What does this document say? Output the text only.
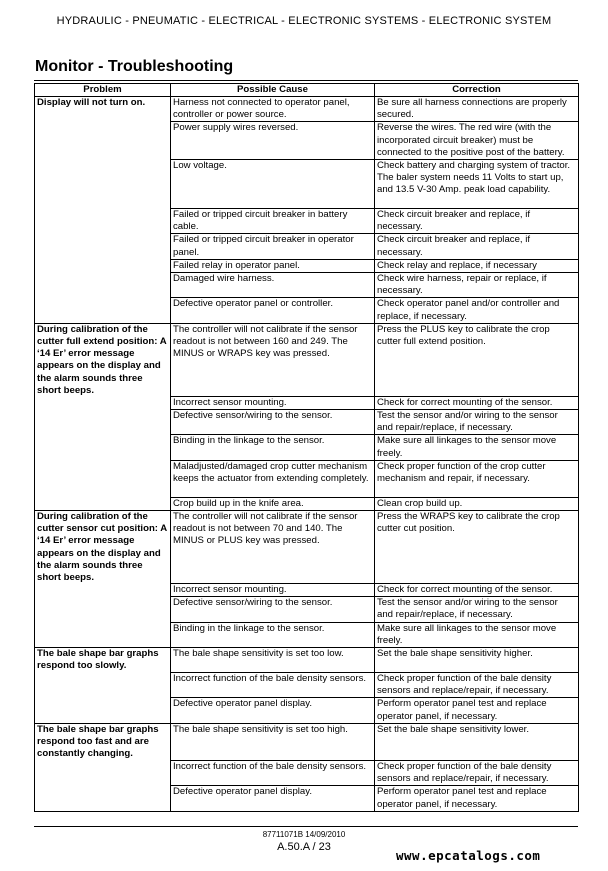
HYDRAULIC - PNEUMATIC - ELECTRICAL - ELECTRONIC SYSTEMS - ELECTRONIC SYSTEM
Monitor - Troubleshooting
Problem	Possible Cause	Correction
Display will not turn on.	Harness not connected to operator panel, controller or power source.	Be sure all harness connections are properly secured.
	Power supply wires reversed.	Reverse the wires. The red wire (with the incorporated circuit breaker) must be connected to the positive post of the battery.
	Low voltage.	Check battery and charging system of tractor. The baler system needs 11 Volts to start up, and 13.5 V-30 Amp. peak load capability.
	Failed or tripped circuit breaker in battery cable.	Check circuit breaker and replace, if necessary.
	Failed or tripped circuit breaker in operator panel.	Check circuit breaker and replace, if necessary.
	Failed relay in operator panel.	Check relay and replace, if necessary
	Damaged wire harness.	Check wire harness, repair or replace, if necessary.
	Defective operator panel or controller.	Check operator panel and/or controller and replace, if necessary.
During calibration of the cutter full extend position: A ‘14 Er’ error message appears on the display and the alarm sounds three short beeps.	The controller will not calibrate if the sensor readout is not between 160 and 249. The MINUS or WRAPS key was pressed.	Press the PLUS key to calibrate the crop cutter full extend position.
	Incorrect sensor mounting.	Check for correct mounting of the sensor.
	Defective sensor/wiring to the sensor.	Test the sensor and/or wiring to the sensor and repair/replace, if necessary.
	Binding in the linkage to the sensor.	Make sure all linkages to the sensor move freely.
	Maladjusted/damaged crop cutter mechanism keeps the actuator from extending completely.	Check proper function of the crop cutter mechanism and repair, if necessary.
	Crop build up in the knife area.	Clean crop build up.
During calibration of the cutter sensor cut position: A ‘14 Er’ error message appears on the display and the alarm sounds three short beeps.	The controller will not calibrate if the sensor readout is not between 70 and 140. The MINUS or PLUS key was pressed.	Press the WRAPS key to calibrate the crop cutter cut position.
	Incorrect sensor mounting.	Check for correct mounting of the sensor.
	Defective sensor/wiring to the sensor.	Test the sensor and/or wiring to the sensor and repair/replace, if necessary.
	Binding in the linkage to the sensor.	Make sure all linkages to the sensor move freely.
The bale shape bar graphs respond too slowly.	The bale shape sensitivity is set too low.	Set the bale shape sensitivity higher.
	Incorrect function of the bale density sensors.	Check proper function of the bale density sensors and replace/repair, if necessary.
	Defective operator panel display.	Perform operator panel test and replace operator panel, if necessary.
The bale shape bar graphs respond too fast and are constantly changing.	The bale shape sensitivity is set too high.	Set the bale shape sensitivity lower.
	Incorrect function of the bale density sensors.	Check proper function of the bale density sensors and replace/repair, if necessary.
	Defective operator panel display.	Perform operator panel test and replace operator panel, if necessary.
87711071B 14/09/2010
A.50.A / 23
www.epcatalogs.com
